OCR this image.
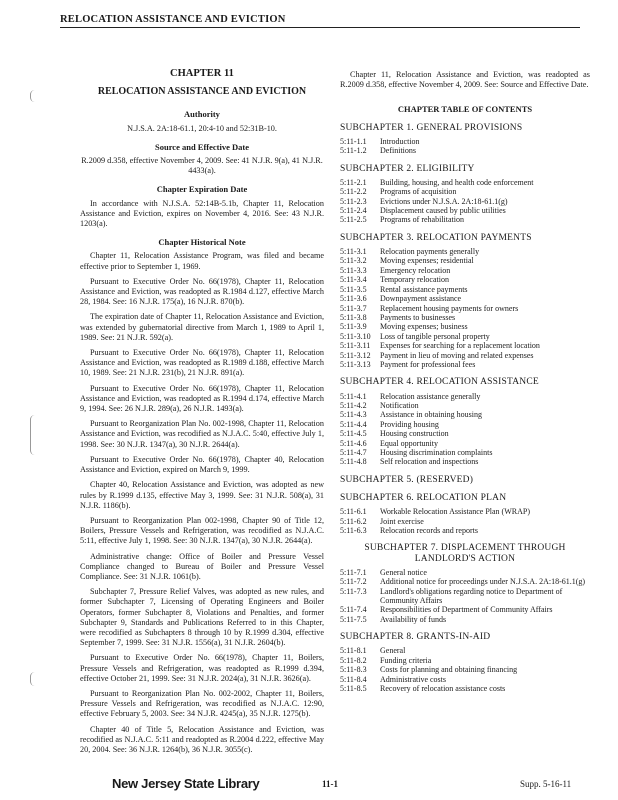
RELOCATION ASSISTANCE AND EVICTION
CHAPTER 11
RELOCATION ASSISTANCE AND EVICTION
Authority

N.J.S.A. 2A:18-61.1, 20:4-10 and 52:31B-10.

Source and Effective Date

R.2009 d.358, effective November 4, 2009. See: 41 N.J.R. 9(a), 41 N.J.R. 4433(a).

Chapter Expiration Date

In accordance with N.J.S.A. 52:14B-5.1b, Chapter 11, Relocation Assistance and Eviction, expires on November 4, 2016. See: 43 N.J.R. 1203(a).

Chapter Historical Note

Chapter 11, Relocation Assistance Program, was filed and became effective prior to September 1, 1969.

Pursuant to Executive Order No. 66(1978), Chapter 11, Relocation Assistance and Eviction, was readopted as R.1984 d.127, effective March 28, 1984. See: 16 N.J.R. 175(a), 16 N.J.R. 870(b).

The expiration date of Chapter 11, Relocation Assistance and Eviction, was extended by gubernatorial directive from March 1, 1989 to April 1, 1989. See: 21 N.J.R. 592(a).

Pursuant to Executive Order No. 66(1978), Chapter 11, Relocation Assistance and Eviction, was readopted as R.1989 d.188, effective March 10, 1989. See: 21 N.J.R. 231(b), 21 N.J.R. 891(a).

Pursuant to Executive Order No. 66(1978), Chapter 11, Relocation Assistance and Eviction, was readopted as R.1994 d.174, effective March 9, 1994. See: 26 N.J.R. 289(a), 26 N.J.R. 1493(a).

Pursuant to Reorganization Plan No. 002-1998, Chapter 11, Relocation Assistance and Eviction, was recodified as N.J.A.C. 5:40, effective July 1, 1998. See: 30 N.J.R. 1347(a), 30 N.J.R. 2644(a).

Pursuant to Executive Order No. 66(1978), Chapter 40, Relocation Assistance and Eviction, expired on March 9, 1999.

Chapter 40, Relocation Assistance and Eviction, was adopted as new rules by R.1999 d.135, effective May 3, 1999. See: 31 N.J.R. 508(a), 31 N.J.R. 1186(b).

Pursuant to Reorganization Plan 002-1998, Chapter 90 of Title 12, Boilers, Pressure Vessels and Refrigeration, was recodified as N.J.A.C. 5:11, effective July 1, 1998. See: 30 N.J.R. 1347(a), 30 N.J.R. 2644(a).

Administrative change: Office of Boiler and Pressure Vessel Compliance changed to Bureau of Boiler and Pressure Vessel Compliance. See: 31 N.J.R. 1061(b).

Subchapter 7, Pressure Relief Valves, was adopted as new rules, and former Subchapter 7, Licensing of Operating Engineers and Boiler Operators, former Subchapter 8, Violations and Penalties, and former Subchapter 9, Standards and Publications Referred to in this Chapter, were recodified as Subchapters 8 through 10 by R.1999 d.304, effective September 7, 1999. See: 31 N.J.R. 1556(a), 31 N.J.R. 2604(b).

Pursuant to Executive Order No. 66(1978), Chapter 11, Boilers, Pressure Vessels and Refrigeration, was readopted as R.1999 d.394, effective October 21, 1999. See: 31 N.J.R. 2024(a), 31 N.J.R. 3626(a).

Pursuant to Reorganization Plan No. 002-2002, Chapter 11, Boilers, Pressure Vessels and Refrigeration, was recodified as N.J.A.C. 12:90, effective February 5, 2003. See: 34 N.J.R. 4245(a), 35 N.J.R. 1275(b).

Chapter 40 of Title 5, Relocation Assistance and Eviction, was recodified as N.J.A.C. 5:11 and readopted as R.2004 d.222, effective May 20, 2004. See: 36 N.J.R. 1264(b), 36 N.J.R. 3055(c).

Chapter 11, Relocation Assistance and Eviction, was readopted as R.2009 d.358, effective November 4, 2009. See: Source and Effective Date.

CHAPTER TABLE OF CONTENTS
SUBCHAPTER 1. GENERAL PROVISIONS
5:11-1.1	Introduction
5:11-1.2	Definitions
SUBCHAPTER 2. ELIGIBILITY
5:11-2.1	Building, housing, and health code enforcement
5:11-2.2	Programs of acquisition
5:11-2.3	Evictions under N.J.S.A. 2A:18-61.1(g)
5:11-2.4	Displacement caused by public utilities
5:11-2.5	Programs of rehabilitation
SUBCHAPTER 3. RELOCATION PAYMENTS
5:11-3.1	Relocation payments generally
5:11-3.2	Moving expenses; residential
5:11-3.3	Emergency relocation
5:11-3.4	Temporary relocation
5:11-3.5	Rental assistance payments
5:11-3.6	Downpayment assistance
5:11-3.7	Replacement housing payments for owners
5:11-3.8	Payments to businesses
5:11-3.9	Moving expenses; business
5:11-3.10	Loss of tangible personal property
5:11-3.11	Expenses for searching for a replacement location
5:11-3.12	Payment in lieu of moving and related expenses
5:11-3.13	Payment for professional fees
SUBCHAPTER 4. RELOCATION ASSISTANCE
5:11-4.1	Relocation assistance generally
5:11-4.2	Notification
5:11-4.3	Assistance in obtaining housing
5:11-4.4	Providing housing
5:11-4.5	Housing construction
5:11-4.6	Equal opportunity
5:11-4.7	Housing discrimination complaints
5:11-4.8	Self relocation and inspections
SUBCHAPTER 5. (RESERVED)
SUBCHAPTER 6. RELOCATION PLAN
5:11-6.1	Workable Relocation Assistance Plan (WRAP)
5:11-6.2	Joint exercise
5:11-6.3	Relocation records and reports
SUBCHAPTER 7. DISPLACEMENT THROUGH LANDLORD'S ACTION
5:11-7.1	General notice
5:11-7.2	Additional notice for proceedings under N.J.S.A. 2A:18-61.1(g)
5:11-7.3	Landlord's obligations regarding notice to Department of Community Affairs
5:11-7.4	Responsibilities of Department of Community Affairs
5:11-7.5	Availability of funds
SUBCHAPTER 8. GRANTS-IN-AID
5:11-8.1	General
5:11-8.2	Funding criteria
5:11-8.3	Costs for planning and obtaining financing
5:11-8.4	Administrative costs
5:11-8.5	Recovery of relocation assistance costs
New Jersey State Library	11-1	Supp. 5-16-11
